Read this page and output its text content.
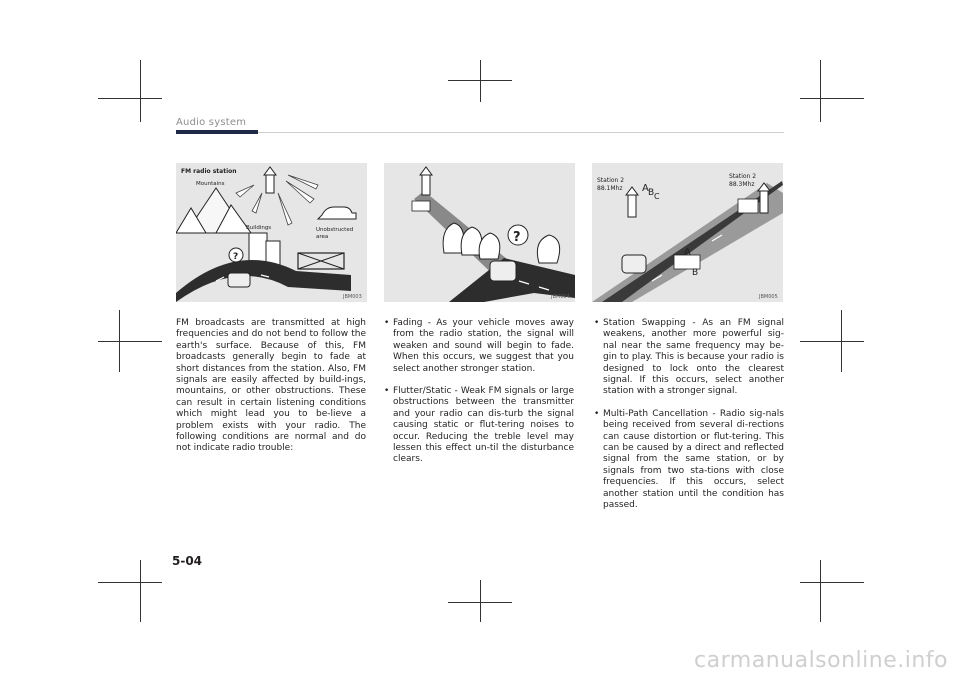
Audio system
FM radio station
Mountains
Buildings	Unobstructed
area
?
JBM003
?
JBM004
Station 2
88.1Mhz
Station 2
88.3Mhz
A B C
A
B
JBM005
FM broadcasts are transmitted at high frequencies and do not bend to follow the earth's surface. Because of this, FM broadcasts generally begin to fade at short distances from the station. Also, FM signals are easily affected by build-ings, mountains, or other obstructions. These can result in certain listening conditions which might lead you to be-lieve a problem exists with your radio. The following conditions are normal and do not indicate radio trouble:
• Fading - As your vehicle moves away from the radio station, the signal will weaken and sound will begin to fade. When this occurs, we suggest that you select another stronger station.
• Flutter/Static - Weak FM signals or large obstructions between the transmitter and your radio can dis-turb the signal causing static or flut-tering noises to occur. Reducing the treble level may lessen this effect un-til the disturbance clears.
• Station Swapping - As an FM signal weakens, another more powerful sig-nal near the same frequency may be-gin to play. This is because your radio is designed to lock onto the clearest signal. If this occurs, select another station with a stronger signal.
• Multi-Path Cancellation - Radio sig-nals being received from several di-rections can cause distortion or flut-tering. This can be caused by a direct and reflected signal from the same station, or by signals from two sta-tions with close frequencies. If this occurs, select another station until the condition has passed.
5-04
carmanualsonline.info
